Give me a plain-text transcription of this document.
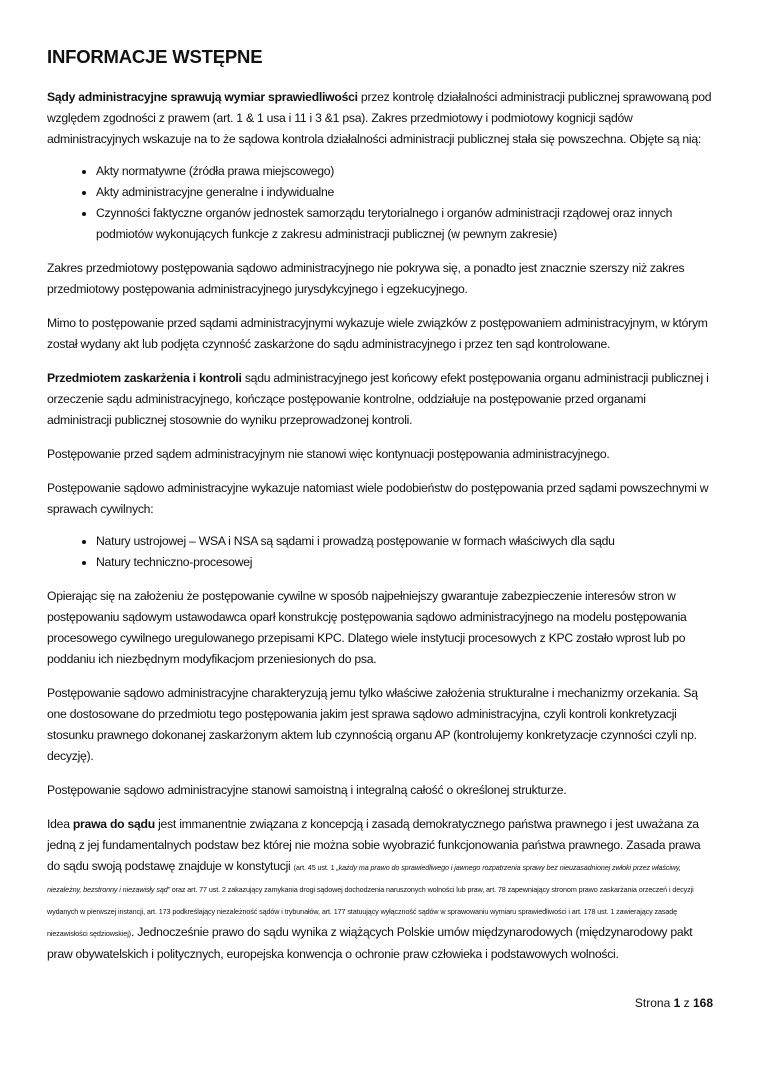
INFORMACJE WSTĘPNE

Sądy administracyjne sprawują wymiar sprawiedliwości przez kontrolę działalności administracji publicznej sprawowaną pod względem zgodności z prawem (art. 1 & 1 usa i 11 i 3 &1 psa). Zakres przedmiotowy i podmiotowy kognicji sądów administracyjnych wskazuje na to że sądowa kontrola działalności administracji publicznej stała się powszechna. Objęte są nią:

• Akty normatywne (źródła prawa miejscowego)
• Akty administracyjne generalne i indywidualne
• Czynności faktyczne organów jednostek samorządu terytorialnego i organów administracji rządowej oraz innych podmiotów wykonujących funkcje z zakresu administracji publicznej (w pewnym zakresie)

Zakres przedmiotowy postępowania sądowo administracyjnego nie pokrywa się, a ponadto jest znacznie szerszy niż zakres przedmiotowy postępowania administracyjnego jurysdykcyjnego i egzekucyjnego.

Mimo to postępowanie przed sądami administracyjnymi wykazuje wiele związków z postępowaniem administracyjnym, w którym został wydany akt lub podjęta czynność zaskarżone do sądu administracyjnego i przez ten sąd kontrolowane.

Przedmiotem zaskarżenia i kontroli sądu administracyjnego jest końcowy efekt postępowania organu administracji publicznej i orzeczenie sądu administracyjnego, kończące postępowanie kontrolne, oddziałuje na postępowanie przed organami administracji publicznej stosownie do wyniku przeprowadzonej kontroli.

Postępowanie przed sądem administracyjnym nie stanowi więc kontynuacji postępowania administracyjnego.

Postępowanie sądowo administracyjne wykazuje natomiast wiele podobieństw do postępowania przed sądami powszechnymi w sprawach cywilnych:

• Natury ustrojowej – WSA i NSA są sądami i prowadzą postępowanie w formach właściwych dla sądu
• Natury techniczno-procesowej

Opierając się na założeniu że postępowanie cywilne w sposób najpełniejszy gwarantuje zabezpieczenie interesów stron w postępowaniu sądowym ustawodawca oparł konstrukcję postępowania sądowo administracyjnego na modelu postępowania procesowego cywilnego uregulowanego przepisami KPC. Dlatego wiele instytucji procesowych z KPC zostało wprost lub po poddaniu ich niezbędnym modyfikacjom przeniesionych do psa.

Postępowanie sądowo administracyjne charakteryzują jemu tylko właściwe założenia strukturalne i mechanizmy orzekania. Są one dostosowane do przedmiotu tego postępowania jakim jest sprawa sądowo administracyjna, czyli kontroli konkretyzacji stosunku prawnego dokonanej zaskarżonym aktem lub czynnością organu AP (kontrolujemy konkretyzacje czynności czyli np. decyzję).

Postępowanie sądowo administracyjne stanowi samoistną i integralną całość o określonej strukturze.

Idea prawa do sądu jest immanentnie związana z koncepcją i zasadą demokratycznego państwa prawnego i jest uważana za jedną z jej fundamentalnych podstaw bez której nie można sobie wyobrazić funkcjonowania państwa prawnego. Zasada prawa do sądu swoją podstawę znajduje w konstytucji (art. 45 ust. 1 „każdy ma prawo do sprawiedliwego i jawnego rozpatrzenia sprawy bez nieuzasadnionej zwłoki przez właściwy, niezależny, bezstronny i niezawisły sąd” oraz art. 77 ust. 2 zakazujący zamykania drogi sądowej dochodzenia naruszonych wolności lub praw, art. 78 zapewniający stronom prawo zaskarżania orzeczeń i decyzji wydanych w pierwszej instancji, art. 173 podkreślający niezależność sądów i trybunałów, art. 177 statuujący wyłączność sądów w sprawowaniu wymiaru sprawiedliwości i art. 178 ust. 1 zawierający zasadę niezawisłości sędziowskiej). Jednocześnie prawo do sądu wynika z wiążących Polskie umów międzynarodowych (międzynarodowy pakt praw obywatelskich i politycznych, europejska konwencja o ochronie praw człowieka i podstawowych wolności.

Strona 1 z 168
